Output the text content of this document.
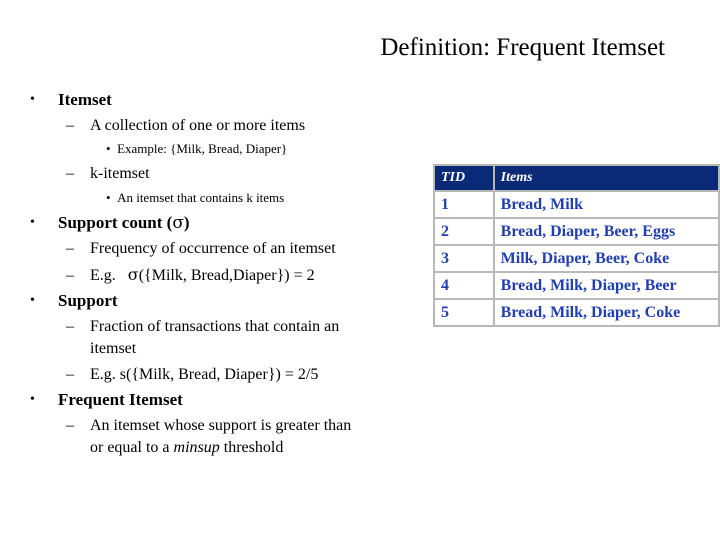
Definition: Frequent Itemset
• Itemset
– A collection of one or more items
• Example: {Milk, Bread, Diaper}
– k-itemset
• An itemset that contains k items
• Support count (σ)
– Frequency of occurrence of an itemset
– E.g. σ({Milk, Bread,Diaper}) = 2
• Support
– Fraction of transactions that contain an
itemset
– E.g. s({Milk, Bread, Diaper}) = 2/5
• Frequent Itemset
– An itemset whose support is greater than
or equal to a minsup threshold
TID	Items
1	Bread, Milk
2	Bread, Diaper, Beer, Eggs
3	Milk, Diaper, Beer, Coke
4	Bread, Milk, Diaper, Beer
5	Bread, Milk, Diaper, Coke
